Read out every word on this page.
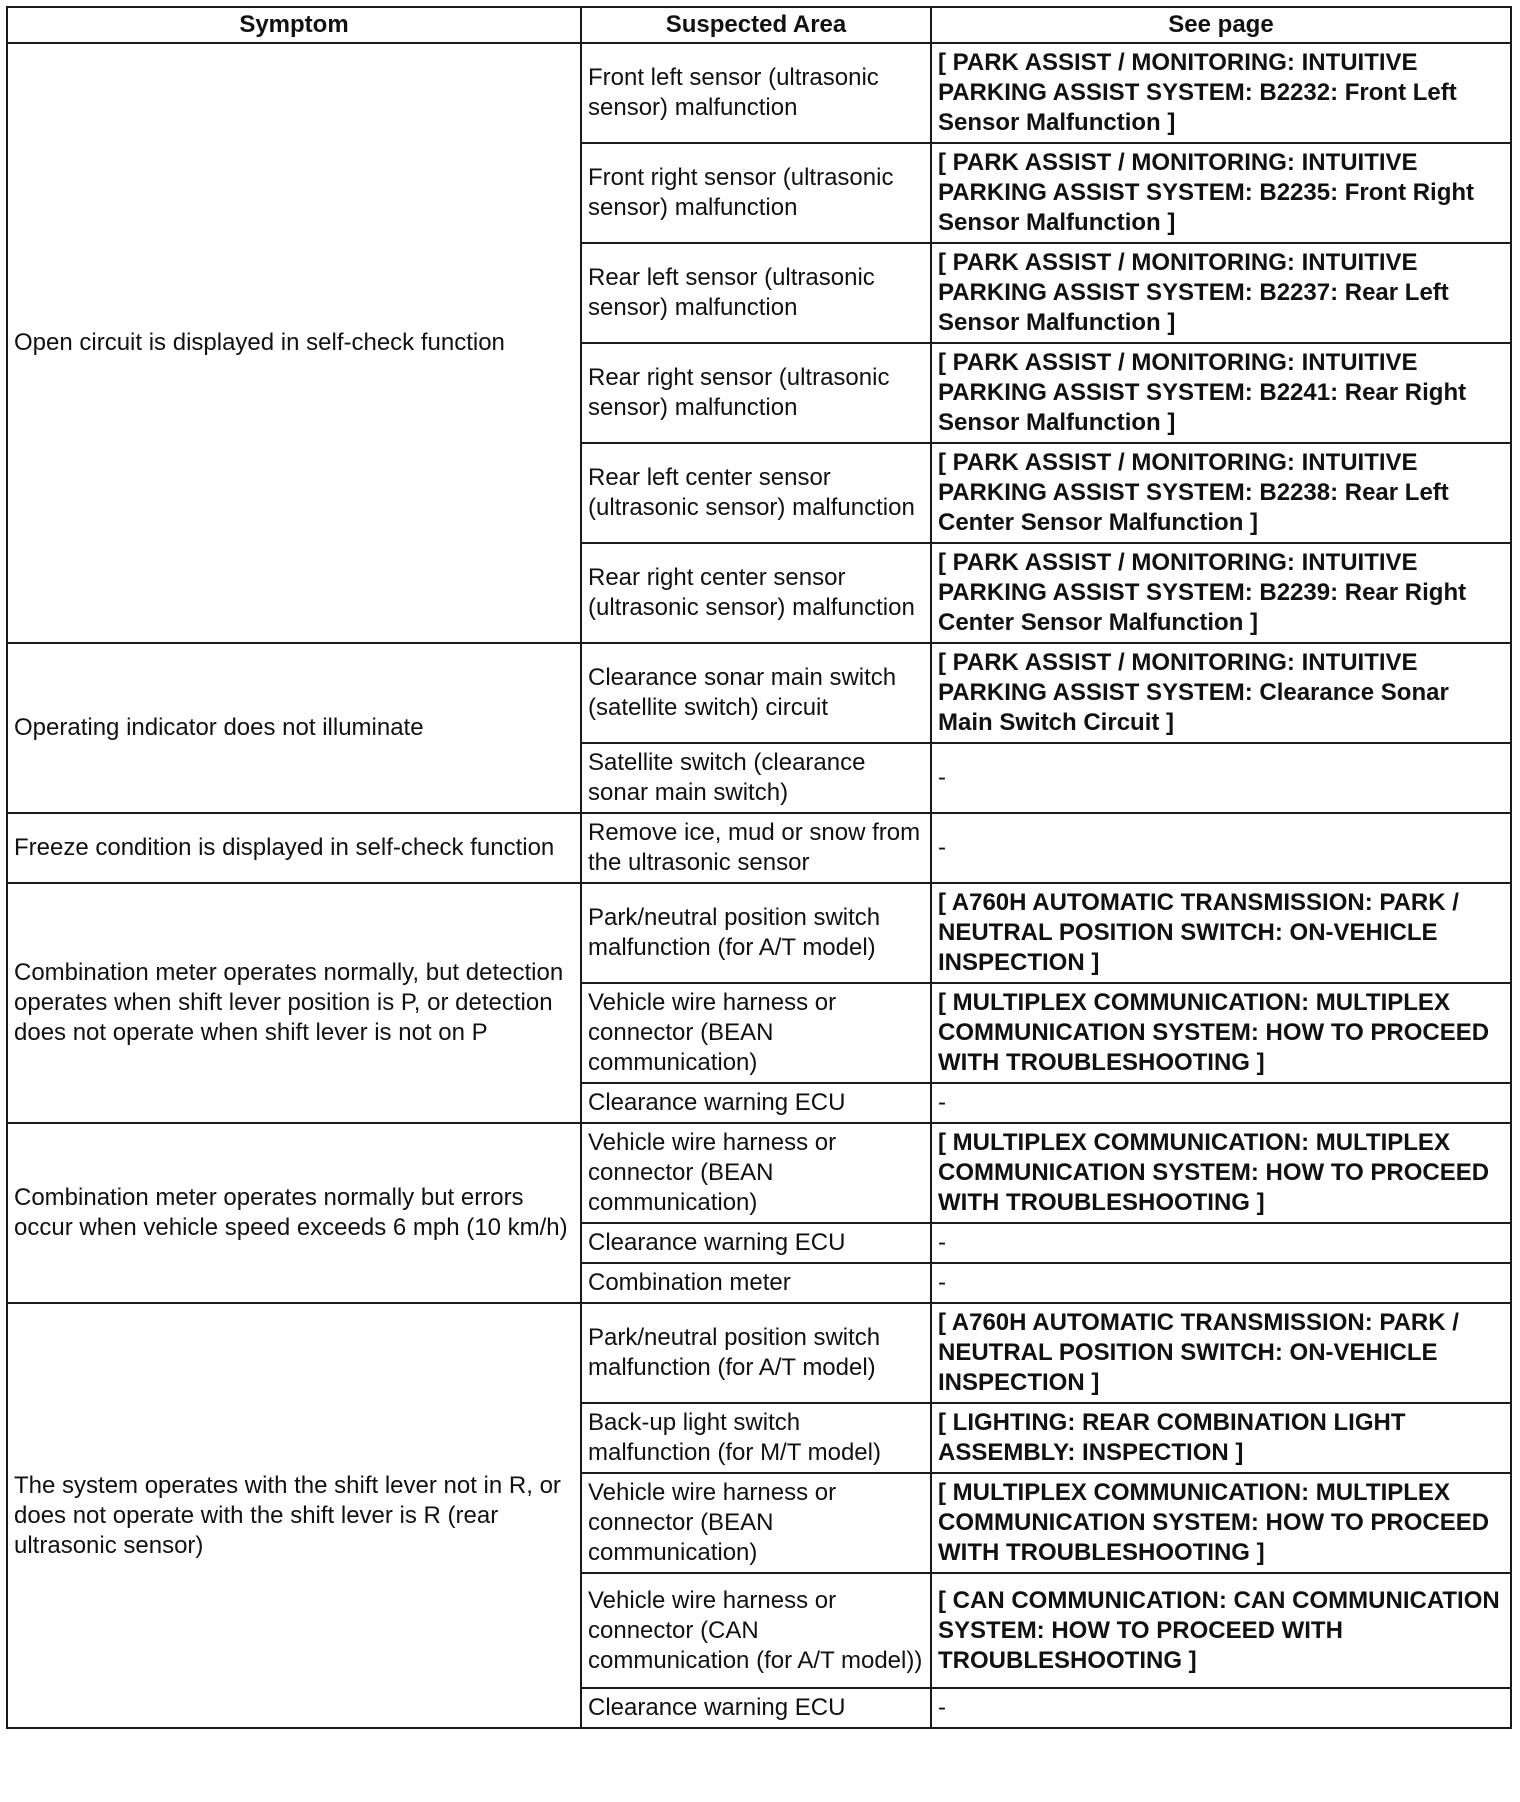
Symptom	Suspected Area	See page
Open circuit is displayed in self-check function	Front left sensor (ultrasonic sensor) malfunction	[ PARK ASSIST / MONITORING: INTUITIVE PARKING ASSIST SYSTEM: B2232: Front Left Sensor Malfunction ]
	Front right sensor (ultrasonic sensor) malfunction	[ PARK ASSIST / MONITORING: INTUITIVE PARKING ASSIST SYSTEM: B2235: Front Right Sensor Malfunction ]
	Rear left sensor (ultrasonic sensor) malfunction	[ PARK ASSIST / MONITORING: INTUITIVE PARKING ASSIST SYSTEM: B2237: Rear Left Sensor Malfunction ]
	Rear right sensor (ultrasonic sensor) malfunction	[ PARK ASSIST / MONITORING: INTUITIVE PARKING ASSIST SYSTEM: B2241: Rear Right Sensor Malfunction ]
	Rear left center sensor (ultrasonic sensor) malfunction	[ PARK ASSIST / MONITORING: INTUITIVE PARKING ASSIST SYSTEM: B2238: Rear Left Center Sensor Malfunction ]
	Rear right center sensor (ultrasonic sensor) malfunction	[ PARK ASSIST / MONITORING: INTUITIVE PARKING ASSIST SYSTEM: B2239: Rear Right Center Sensor Malfunction ]
Operating indicator does not illuminate	Clearance sonar main switch (satellite switch) circuit	[ PARK ASSIST / MONITORING: INTUITIVE PARKING ASSIST SYSTEM: Clearance Sonar Main Switch Circuit ]
	Satellite switch (clearance sonar main switch)	-
Freeze condition is displayed in self-check function	Remove ice, mud or snow from the ultrasonic sensor	-
Combination meter operates normally, but detection operates when shift lever position is P, or detection does not operate when shift lever is not on P	Park/neutral position switch malfunction (for A/T model)	[ A760H AUTOMATIC TRANSMISSION: PARK / NEUTRAL POSITION SWITCH: ON-VEHICLE INSPECTION ]
	Vehicle wire harness or connector (BEAN communication)	[ MULTIPLEX COMMUNICATION: MULTIPLEX COMMUNICATION SYSTEM: HOW TO PROCEED WITH TROUBLESHOOTING ]
	Clearance warning ECU	-
Combination meter operates normally but errors occur when vehicle speed exceeds 6 mph (10 km/h)	Vehicle wire harness or connector (BEAN communication)	[ MULTIPLEX COMMUNICATION: MULTIPLEX COMMUNICATION SYSTEM: HOW TO PROCEED WITH TROUBLESHOOTING ]
	Clearance warning ECU	-
	Combination meter	-
The system operates with the shift lever not in R, or does not operate with the shift lever is R (rear ultrasonic sensor)	Park/neutral position switch malfunction (for A/T model)	[ A760H AUTOMATIC TRANSMISSION: PARK / NEUTRAL POSITION SWITCH: ON-VEHICLE INSPECTION ]
	Back-up light switch malfunction (for M/T model)	[ LIGHTING: REAR COMBINATION LIGHT ASSEMBLY: INSPECTION ]
	Vehicle wire harness or connector (BEAN communication)	[ MULTIPLEX COMMUNICATION: MULTIPLEX COMMUNICATION SYSTEM: HOW TO PROCEED WITH TROUBLESHOOTING ]
	Vehicle wire harness or connector (CAN communication (for A/T model))	[ CAN COMMUNICATION: CAN COMMUNICATION SYSTEM: HOW TO PROCEED WITH TROUBLESHOOTING ]
	Clearance warning ECU	-
